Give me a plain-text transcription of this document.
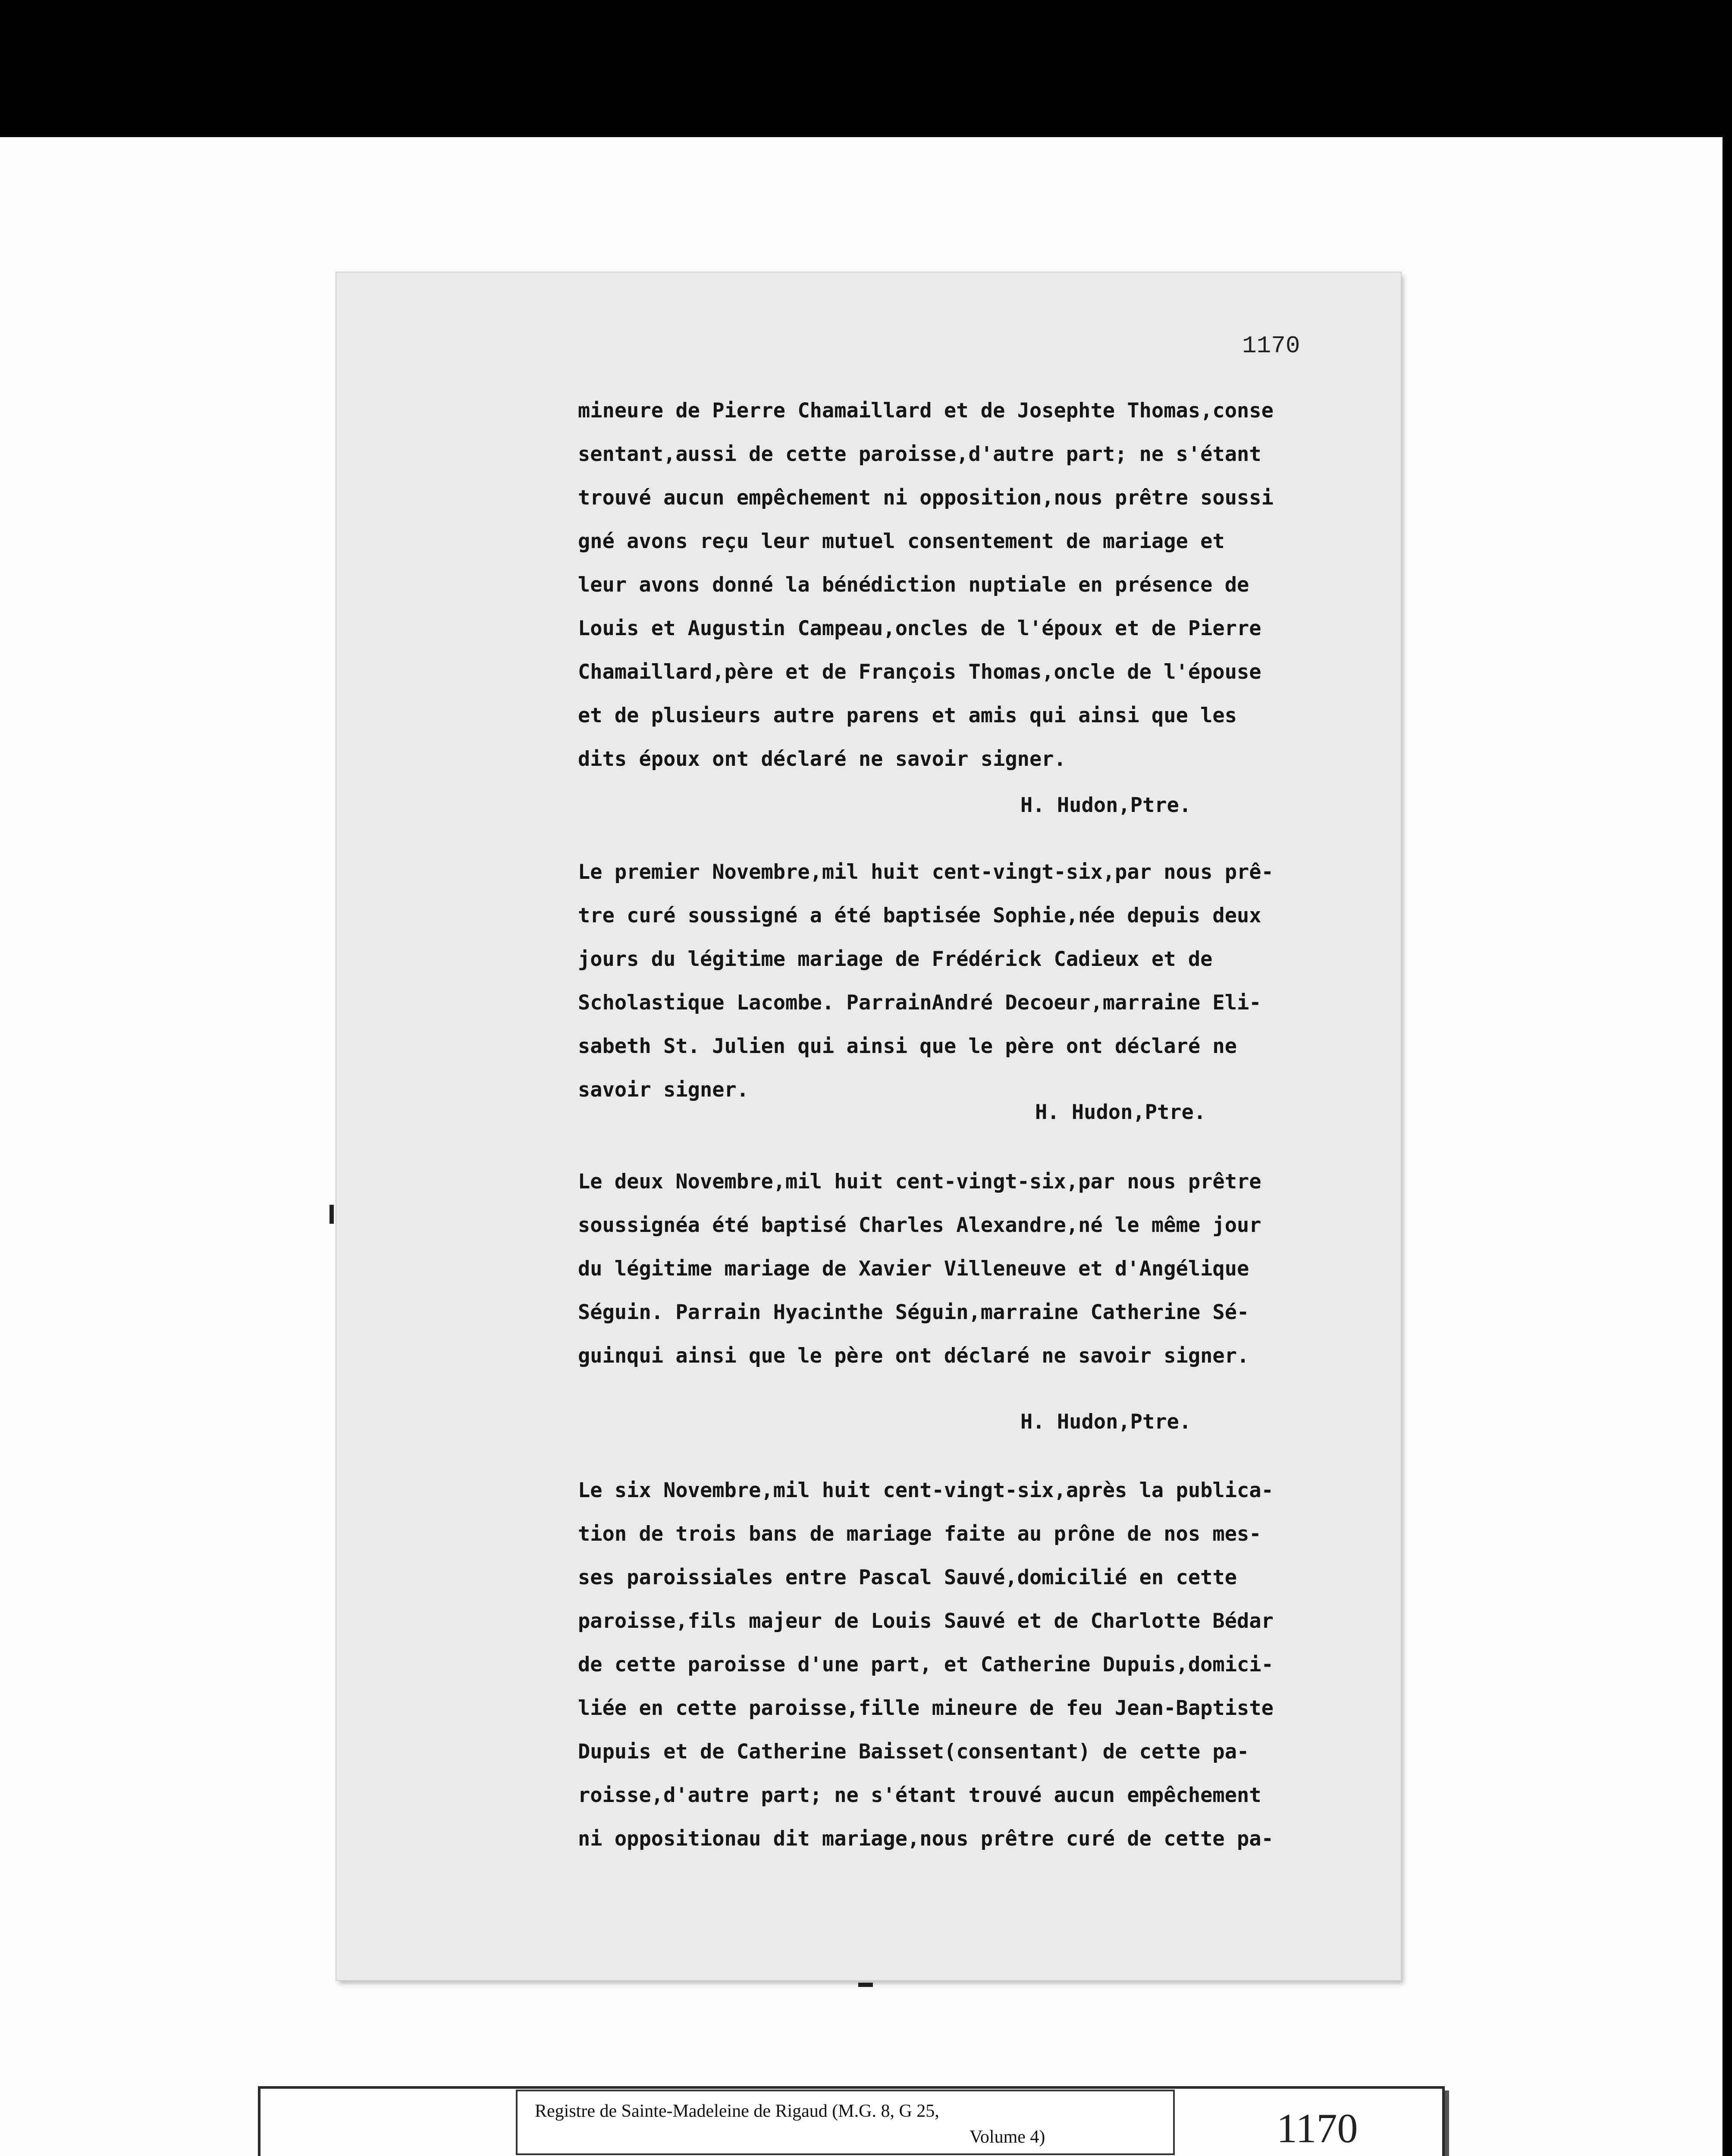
1170
mineure de Pierre Chamaillard et de Josephte Thomas,conse
sentant,aussi de cette paroisse,d'autre part; ne s'étant
trouvé aucun empêchement ni opposition,nous prêtre soussi
gné avons reçu leur mutuel consentement de mariage et
leur avons donné la bénédiction nuptiale en présence de
Louis et Augustin Campeau,oncles de l'époux et de Pierre
Chamaillard,père et de François Thomas,oncle de l'épouse
et de plusieurs autre parens et amis qui ainsi que les
dits époux ont déclaré ne savoir signer.
H. Hudon,Ptre.
Le premier Novembre,mil huit cent-vingt-six,par nous prê-
tre curé soussigné a été baptisée Sophie,née depuis deux
jours du légitime mariage de Frédérick Cadieux et de
Scholastique Lacombe. ParrainAndré Decoeur,marraine Eli-
sabeth St. Julien qui ainsi que le père ont déclaré ne
savoir signer.
H. Hudon,Ptre.
Le deux Novembre,mil huit cent-vingt-six,par nous prêtre
soussignéa été baptisé Charles Alexandre,né le même jour
du légitime mariage de Xavier Villeneuve et d'Angélique
Séguin. Parrain Hyacinthe Séguin,marraine Catherine Sé-
guinqui ainsi que le père ont déclaré ne savoir signer.
H. Hudon,Ptre.
Le six Novembre,mil huit cent-vingt-six,après la publica-
tion de trois bans de mariage faite au prône de nos mes-
ses paroissiales entre Pascal Sauvé,domicilié en cette
paroisse,fils majeur de Louis Sauvé et de Charlotte Bédar
de cette paroisse d'une part, et Catherine Dupuis,domici-
liée en cette paroisse,fille mineure de feu Jean-Baptiste
Dupuis et de Catherine Baisset(consentant) de cette pa-
roisse,d'autre part; ne s'étant trouvé aucun empêchement
ni oppositionau dit mariage,nous prêtre curé de cette pa-
Registre de Sainte-Madeleine de Rigaud (M.G. 8, G 25,
Volume 4)	1170
